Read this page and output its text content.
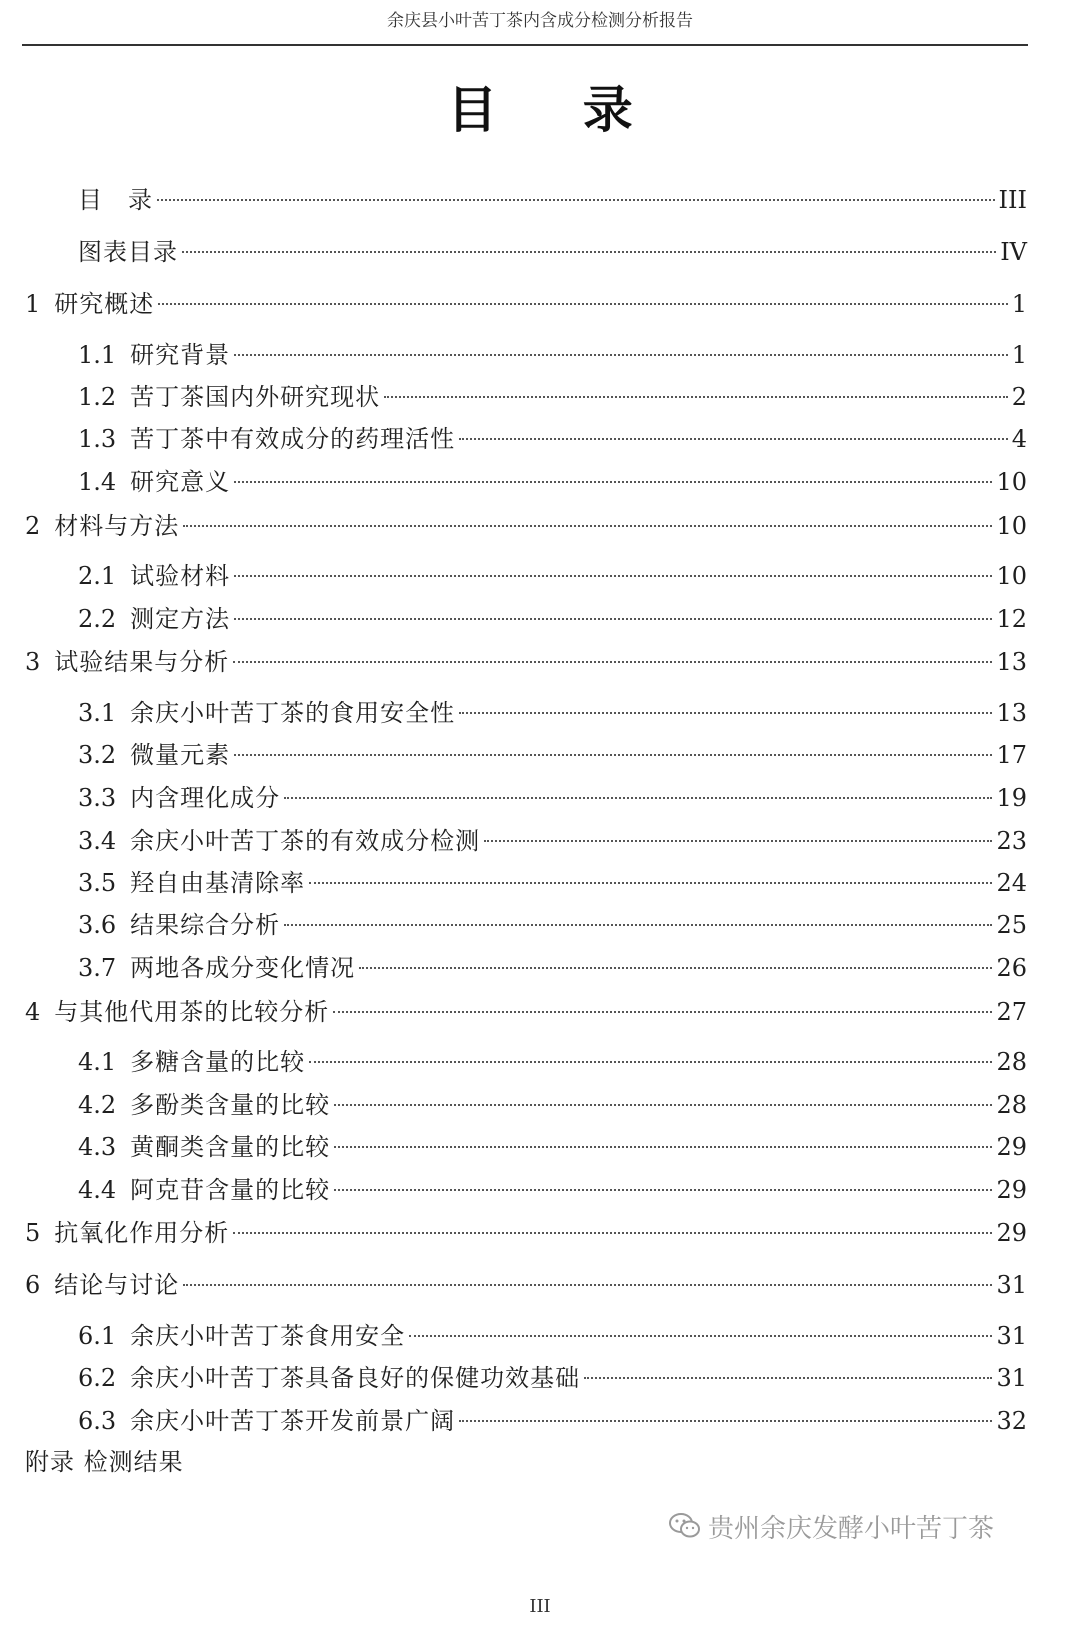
余庆县小叶苦丁茶内含成分检测分析报告
目 录
目　录	III
图表目录	IV
1 研究概述	1
1.1 研究背景	1
1.2 苦丁茶国内外研究现状	2
1.3 苦丁茶中有效成分的药理活性	4
1.4 研究意义	10
2 材料与方法	10
2.1 试验材料	10
2.2 测定方法	12
3 试验结果与分析	13
3.1 余庆小叶苦丁茶的食用安全性	13
3.2 微量元素	17
3.3 内含理化成分	19
3.4 余庆小叶苦丁茶的有效成分检测	23
3.5 羟自由基清除率	24
3.6 结果综合分析	25
3.7 两地各成分变化情况	26
4 与其他代用茶的比较分析	27
4.1 多糖含量的比较	28
4.2 多酚类含量的比较	28
4.3 黄酮类含量的比较	29
4.4 阿克苷含量的比较	29
5 抗氧化作用分析	29
6 结论与讨论	31
6.1 余庆小叶苦丁茶食用安全	31
6.2 余庆小叶苦丁茶具备良好的保健功效基础	31
6.3 余庆小叶苦丁茶开发前景广阔	32
附录 检测结果
贵州余庆发酵小叶苦丁茶
III
